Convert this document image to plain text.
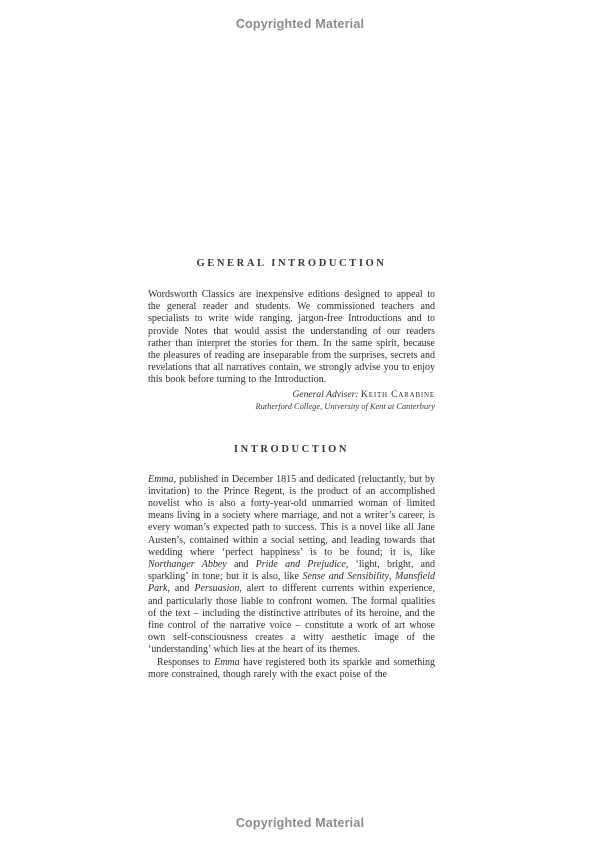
Copyrighted Material
GENERAL INTRODUCTION

Wordsworth Classics are inexpensive editions designed to appeal to the general reader and students. We commissioned teachers and specialists to write wide ranging, jargon-free Introductions and to provide Notes that would assist the understanding of our readers rather than interpret the stories for them. In the same spirit, because the pleasures of reading are inseparable from the surprises, secrets and revelations that all narratives contain, we strongly advise you to enjoy this book before turning to the Introduction.

General Adviser: Keith Carabine

Rutherford College, University of Kent at Canterbury

INTRODUCTION

Emma, published in December 1815 and dedicated (reluctantly, but by invitation) to the Prince Regent, is the product of an accomplished novelist who is also a forty-year-old unmarried woman of limited means living in a society where marriage, and not a writer’s career, is every woman’s expected path to success. This is a novel like all Jane Austen’s, contained within a social setting, and leading towards that wedding where ‘perfect happiness’ is to be found; it is, like Northanger Abbey and Pride and Prejudice, ‘light, bright, and sparkling’ in tone; but it is also, like Sense and Sensibility, Mansfield Park, and Persuasion, alert to different currents within experience, and particularly those liable to confront women. The formal qualities of the text – including the distinctive attributes of its heroine, and the fine control of the narrative voice – constitute a work of art whose own self-consciousness creates a witty aesthetic image of the ‘understanding’ which lies at the heart of its themes.

Responses to Emma have registered both its sparkle and something more constrained, though rarely with the exact poise of the

Copyrighted Material
